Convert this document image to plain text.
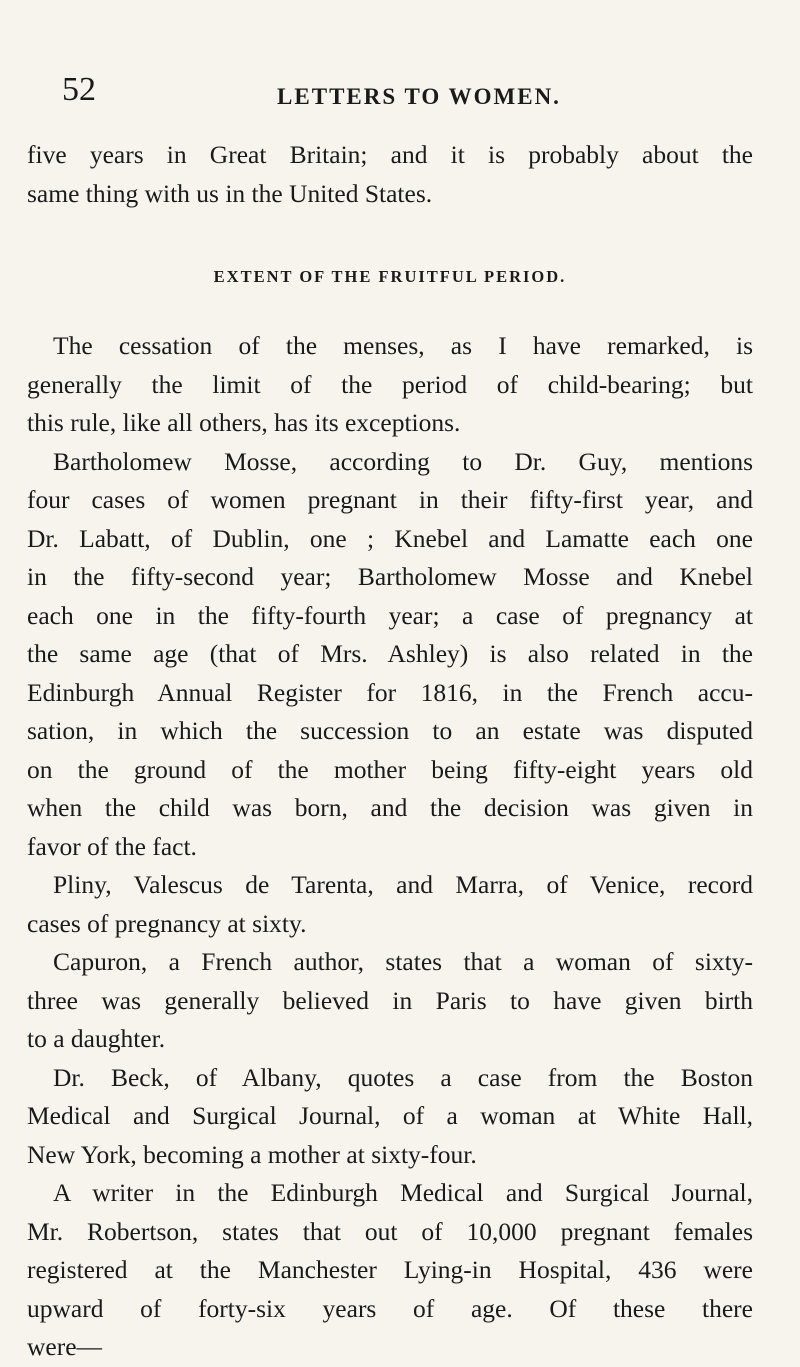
52	LETTERS TO WOMEN.
five years in Great Britain; and it is probably about the
same thing with us in the United States.
EXTENT OF THE FRUITFUL PERIOD.
The cessation of the menses, as I have remarked, is
generally the limit of the period of child-bearing; but
this rule, like all others, has its exceptions.
Bartholomew Mosse, according to Dr. Guy, mentions
four cases of women pregnant in their fifty-first year, and
Dr. Labatt, of Dublin, one ; Knebel and Lamatte each one
in the fifty-second year; Bartholomew Mosse and Knebel
each one in the fifty-fourth year; a case of pregnancy at
the same age (that of Mrs. Ashley) is also related in the
Edinburgh Annual Register for 1816, in the French accu-
sation, in which the succession to an estate was disputed
on the ground of the mother being fifty-eight years old
when the child was born, and the decision was given in
favor of the fact.
Pliny, Valescus de Tarenta, and Marra, of Venice, record
cases of pregnancy at sixty.
Capuron, a French author, states that a woman of sixty-
three was generally believed in Paris to have given birth
to a daughter.
Dr. Beck, of Albany, quotes a case from the Boston
Medical and Surgical Journal, of a woman at White Hall,
New York, becoming a mother at sixty-four.
A writer in the Edinburgh Medical and Surgical Journal,
Mr. Robertson, states that out of 10,000 pregnant females
registered at the Manchester Lying-in Hospital, 436 were
upward of forty-six years of age. Of these there
were—
